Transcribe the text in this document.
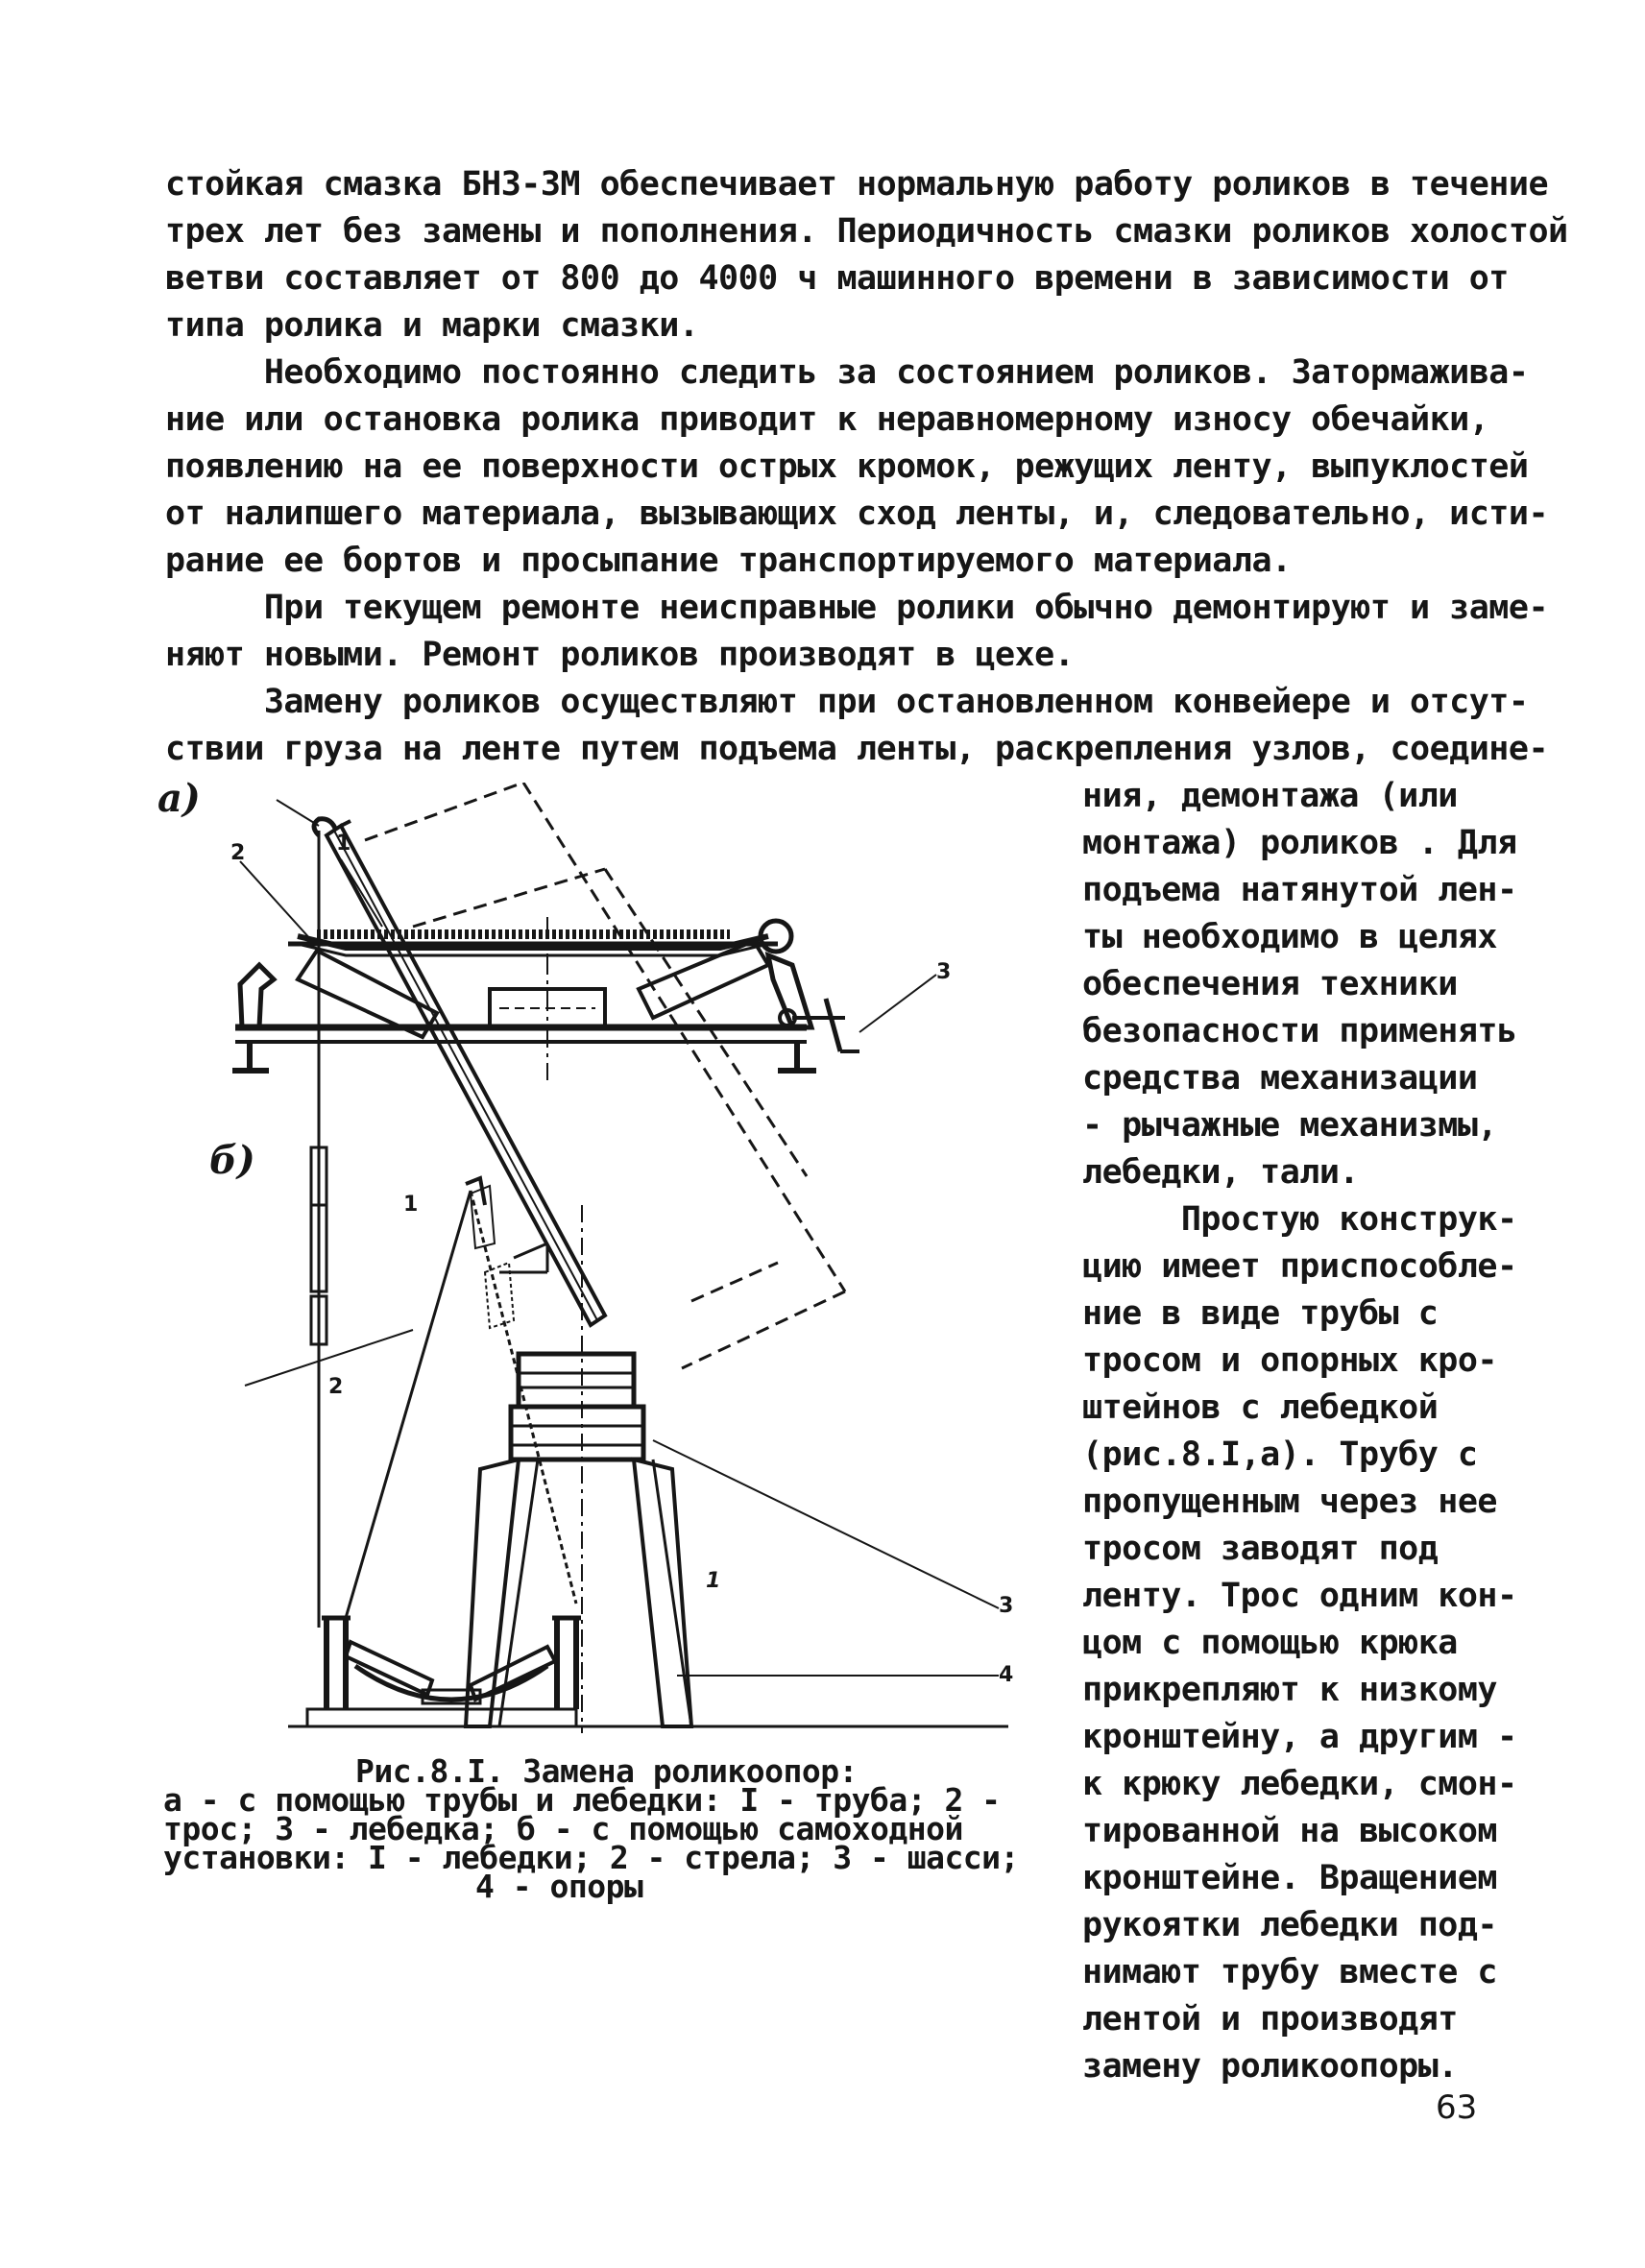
стойкая смазка БНЗ-3М обеспечивает нормальную работу роликов в течение
трех лет без замены и пополнения. Периодичность смазки роликов холостой
ветви составляет от 800 до 4000 ч машинного времени в зависимости от
типа ролика и марки смазки.
Необходимо постоянно следить за состоянием роликов. Затормажива-
ние или остановка ролика приводит к неравномерному износу обечайки,
появлению на ее поверхности острых кромок, режущих ленту, выпуклостей
от налипшего материала, вызывающих сход ленты, и, следовательно, исти-
рание ее бортов и просыпание транспортируемого материала.
При текущем ремонте неисправные ролики обычно демонтируют и заме-
няют новыми. Ремонт роликов производят в цехе.
Замену роликов осуществляют при остановленном конвейере и отсут-
ствии груза на ленте путем подъема ленты, раскрепления узлов, соедине-
ния, демонтажа (или
монтажа) роликов . Для
подъема натянутой лен-
ты необходимо в целях
обеспечения техники
безопасности применять
средства механизации
- рычажные механизмы,
лебедки, тали.
Простую конструк-
цию имеет приспособле-
ние в виде трубы с
тросом и опорных кро-
штейнов с лебедкой
(рис.8.I,а). Трубу с
пропущенным через нее
тросом заводят под
ленту. Трос одним кон-
цом с помощью крюка
прикрепляют к низкому
кронштейну, а другим -
к крюку лебедки, смон-
тированной на высоком
кронштейне. Вращением
рукоятки лебедки под-
нимают трубу вместе с
лентой и производят
замену роликоопоры.
а)
б)
2	1
3
1
2
3
4
1
Рис.8.I. Замена роликоопор:
а - с помощью трубы и лебедки: I - труба; 2 -
трос; 3 - лебедка; б - с помощью самоходной
установки: I - лебедки; 2 - стрела; 3 - шасси;
4 - опоры
63
